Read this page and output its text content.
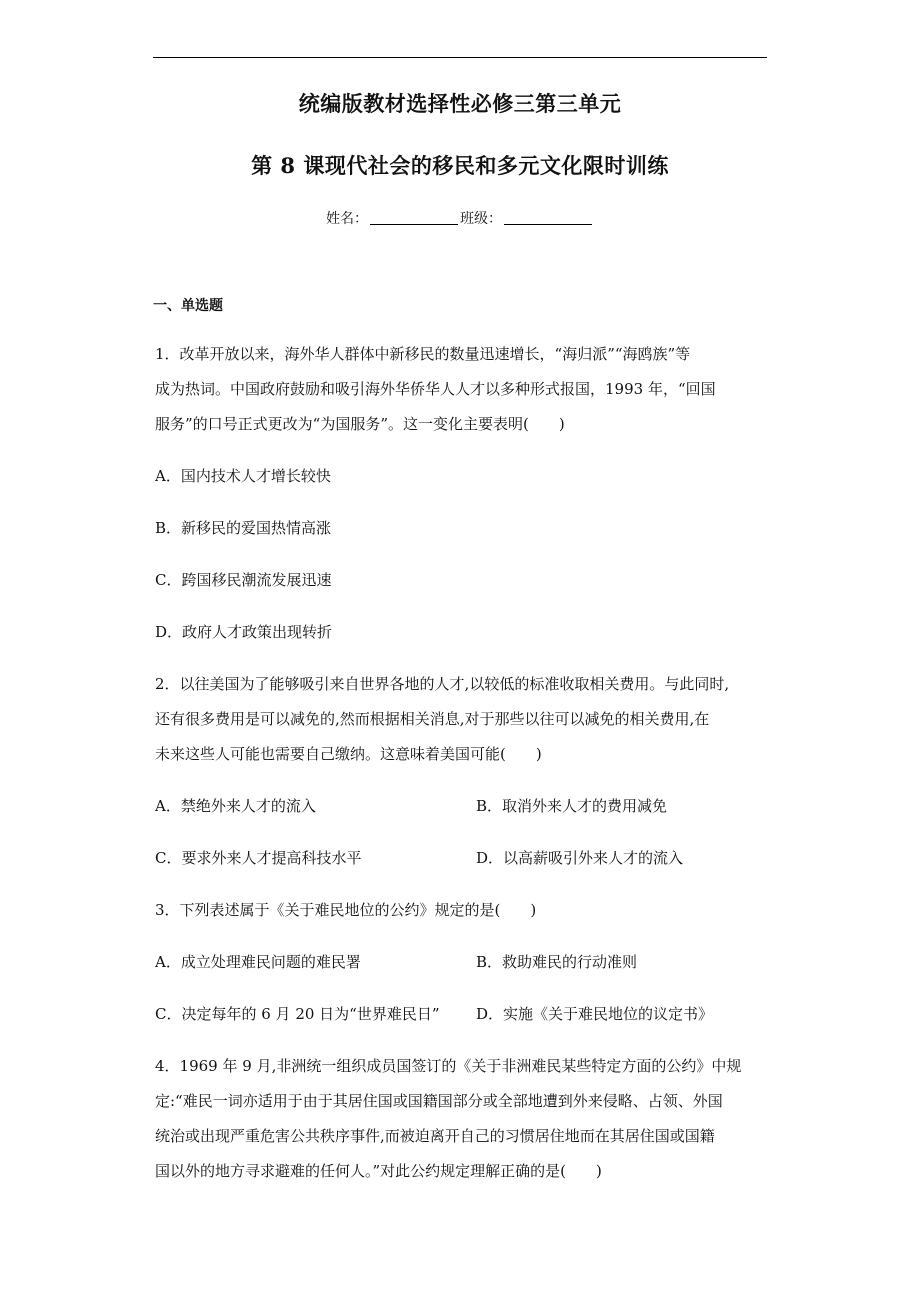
统编版教材选择性必修三第三单元
第 8 课现代社会的移民和多元文化限时训练
姓名：	班级：
一、单选题
1．改革开放以来，海外华人群体中新移民的数量迅速增长，“海归派”“海鸥族”等
成为热词。中国政府鼓励和吸引海外华侨华人人才以多种形式报国，1993 年，“回国
服务”的口号正式更改为“为国服务”。这一变化主要表明(　　)
A．国内技术人才增长较快
B．新移民的爱国热情高涨
C．跨国移民潮流发展迅速
D．政府人才政策出现转折
2．以往美国为了能够吸引来自世界各地的人才,以较低的标准收取相关费用。与此同时,
还有很多费用是可以减免的,然而根据相关消息,对于那些以往可以减免的相关费用,在
未来这些人可能也需要自己缴纳。这意味着美国可能(　　)
A．禁绝外来人才的流入	B．取消外来人才的费用减免
C．要求外来人才提高科技水平	D．以高薪吸引外来人才的流入
3．下列表述属于《关于难民地位的公约》规定的是(　　)
A．成立处理难民问题的难民署	B．救助难民的行动准则
C．决定每年的 6 月 20 日为“世界难民日” D．实施《关于难民地位的议定书》
4．1969 年 9 月,非洲统一组织成员国签订的《关于非洲难民某些特定方面的公约》中规
定:“难民一词亦适用于由于其居住国或国籍国部分或全部地遭到外来侵略、占领、外国
统治或出现严重危害公共秩序事件,而被迫离开自己的习惯居住地而在其居住国或国籍
国以外的地方寻求避难的任何人。”对此公约规定理解正确的是(　　)
